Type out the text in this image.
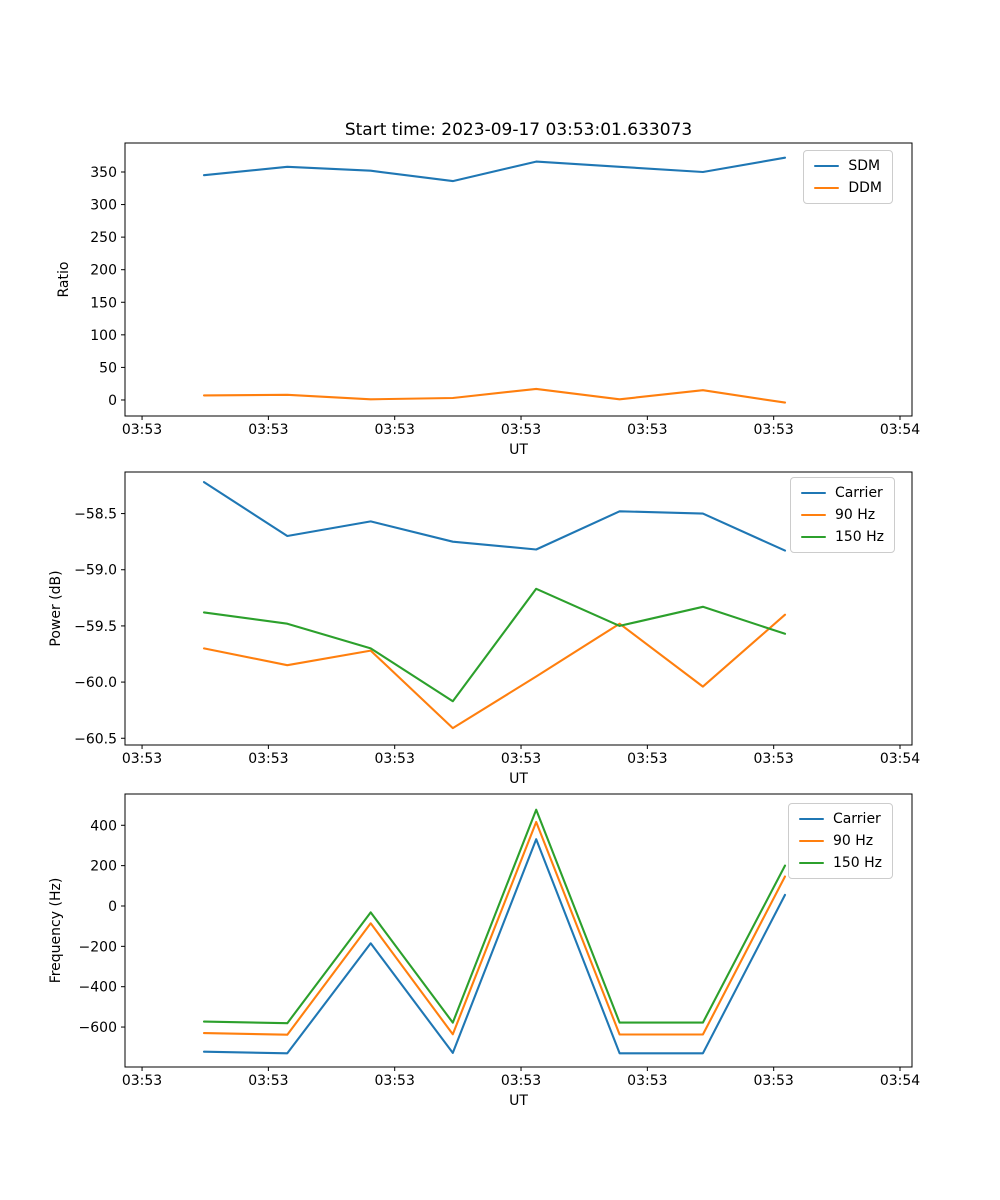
Start time: 2023-09-17 03:53:01.633073
03:53	03:53	03:53	03:53	03:53	03:53	03:54
0
50
100
150
200
250
300
350
UT
Ratio
03:53	03:53	03:53	03:53	03:53	03:53	03:54
−58.5
−59.0
−59.5
−60.0
−60.5
UT
Power (dB)
03:53	03:53	03:53	03:53	03:53	03:53	03:54
400
200
0
−200
−400
−600
UT
Frequency (Hz)
SDM
DDM
Carrier
90 Hz
150 Hz
Carrier
90 Hz
150 Hz
